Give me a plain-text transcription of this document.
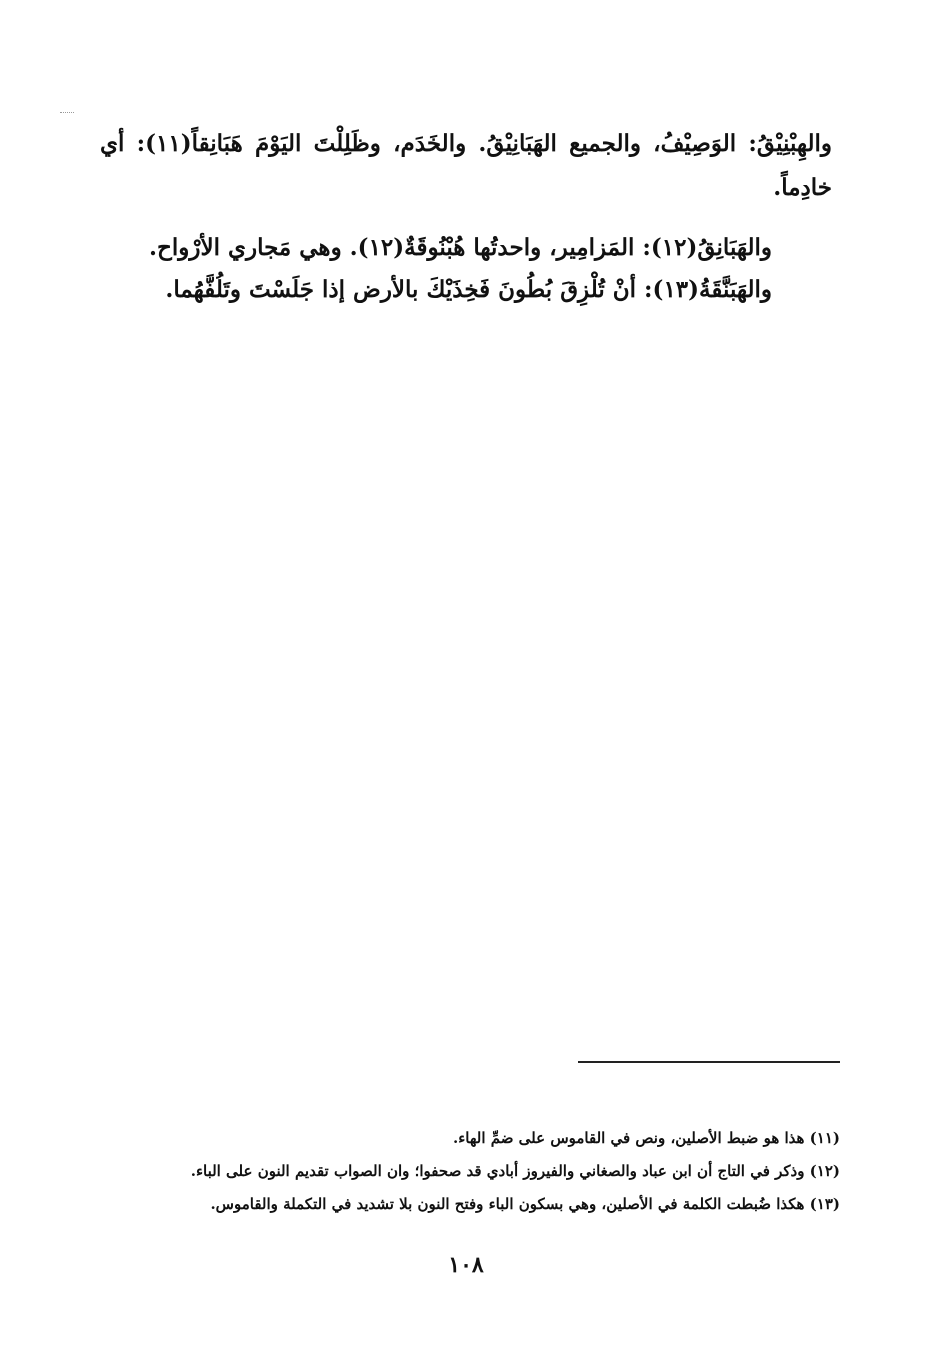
والهِبْنِيْقُ: الوَصِيْفُ، والجميع الهَبَانِيْقُ. والخَدَم، وظَلِلْتَ اليَوْمَ هَبَانِقاً(١١): أي خادِماً.

والهَبَانِقُ(١٢): المَزامِير، واحدتُها هُبْنُوقَةٌ(١٢). وهي مَجاري الأرْواح.

والهَبَنَّقَةُ(١٣): أنْ تُلْزِقَ بُطُونَ فَخِذَيْكَ بالأرض إذا جَلَسْتَ وتَلُفَّهُما.

(١١) هذا هو ضبط الأصلين، ونص في القاموس على ضمِّ الهاء.
(١٢) وذكر في التاج أن ابن عباد والصغاني والفيروز أبادي قد صحفوا؛ وان الصواب تقديم النون على الباء.
(١٣) هكذا ضُبطت الكلمة في الأصلين، وهي بسكون الباء وفتح النون بلا تشديد في التكملة والقاموس.
١٠٨
